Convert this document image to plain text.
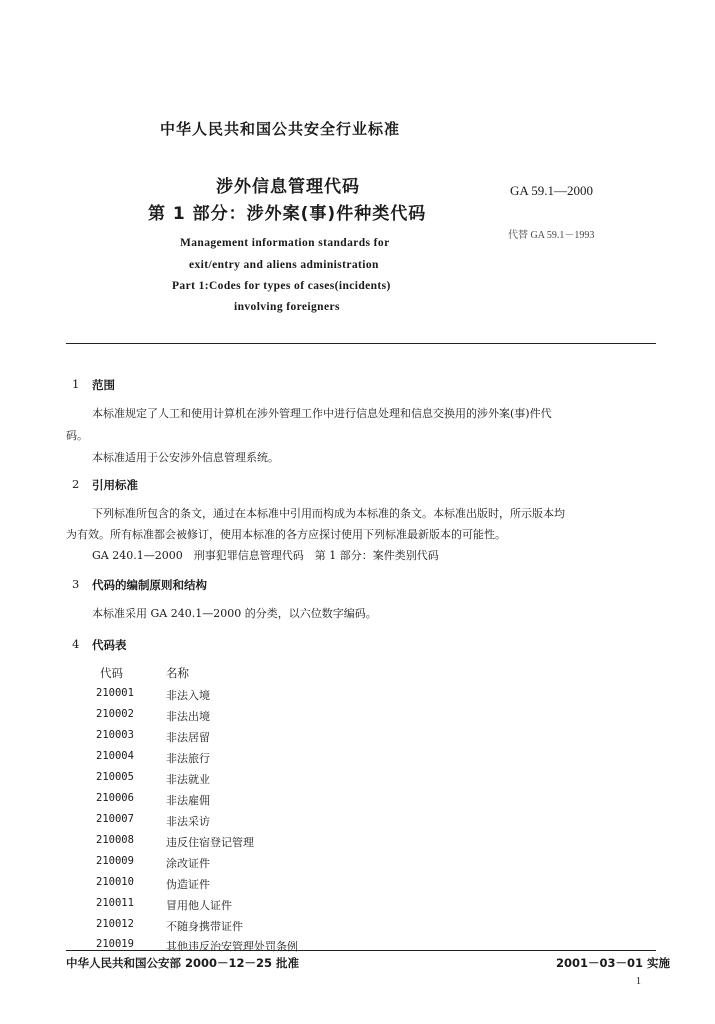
中华人民共和国公共安全行业标准
涉外信息管理代码
第 1 部分：涉外案(事)件种类代码
GA 59.1—2000
代替 GA 59.1－1993
Management information standards for
exit/entry and aliens administration
Part 1:Codes for types of cases(incidents)
involving foreigners
1 范围
本标准规定了人工和使用计算机在涉外管理工作中进行信息处理和信息交换用的涉外案(事)件代
码。
本标准适用于公安涉外信息管理系统。
2 引用标准
下列标准所包含的条文，通过在本标准中引用而构成为本标准的条文。本标准出版时，所示版本均
为有效。所有标准都会被修订，使用本标准的各方应探讨使用下列标准最新版本的可能性。
GA 240.1—2000　刑事犯罪信息管理代码　第 1 部分：案件类别代码
3 代码的编制原则和结构
本标准采用 GA 240.1—2000 的分类，以六位数字编码。
4 代码表
代码	名称
210001	非法入境
210002	非法出境
210003	非法居留
210004	非法旅行
210005	非法就业
210006	非法雇佣
210007	非法采访
210008	违反住宿登记管理
210009	涂改证件
210010	伪造证件
210011	冒用他人证件
210012	不随身携带证件
210019	其他违反治安管理处罚条例
中华人民共和国公安部 2000－12－25 批准	2001－03－01 实施
1
